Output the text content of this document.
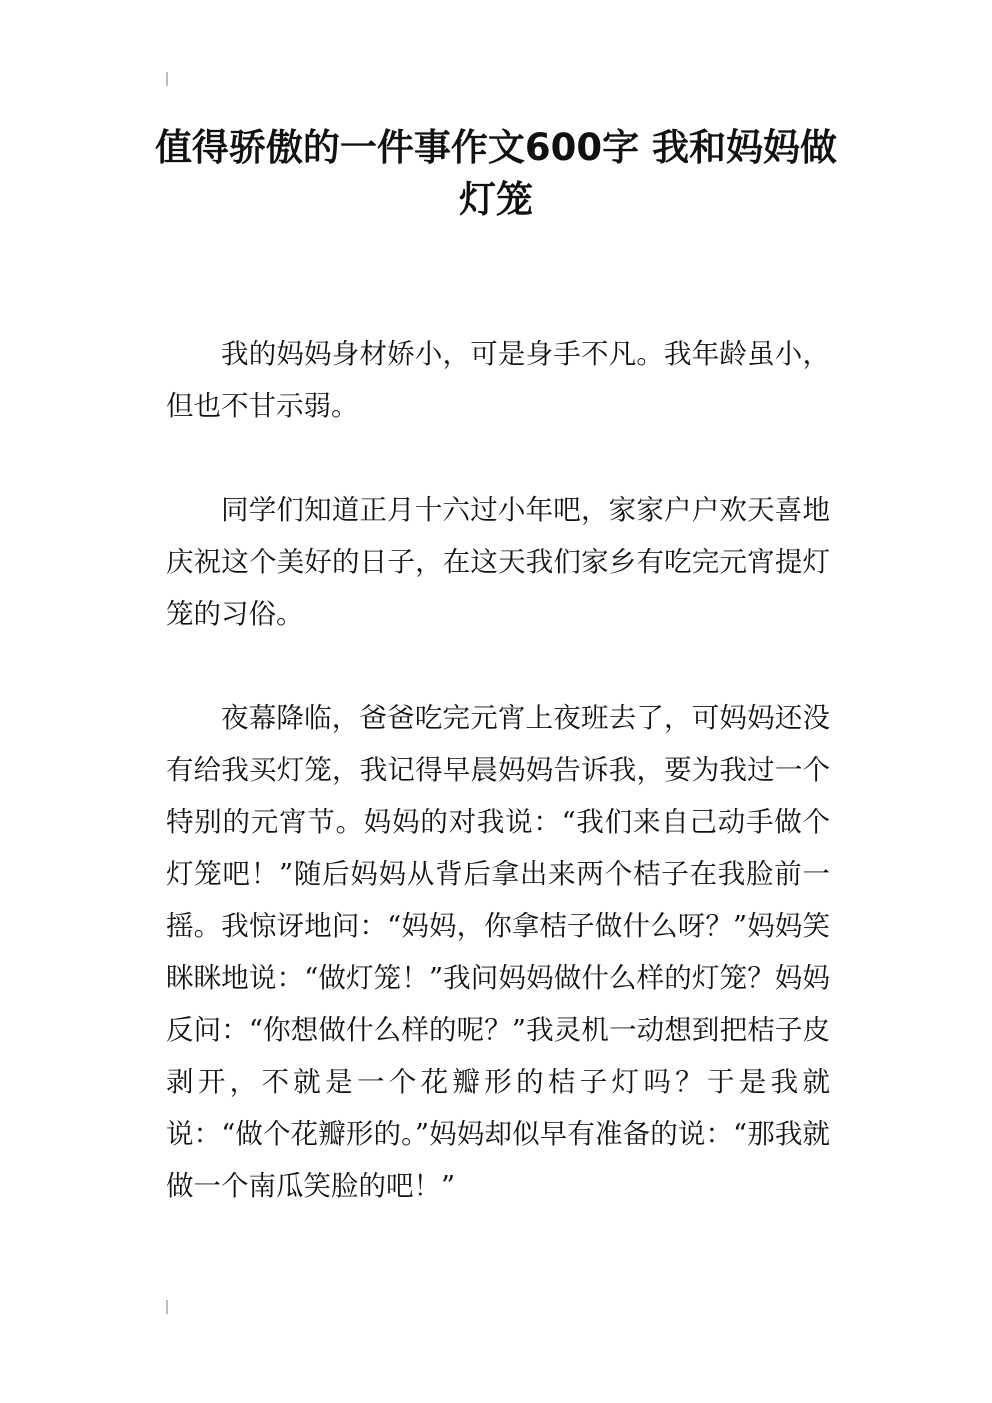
值得骄傲的一件事作文600字 我和妈妈做灯笼

我的妈妈身材娇小，可是身手不凡。我年龄虽小，但也不甘示弱。

同学们知道正月十六过小年吧，家家户户欢天喜地庆祝这个美好的日子，在这天我们家乡有吃完元宵提灯笼的习俗。

夜幕降临，爸爸吃完元宵上夜班去了，可妈妈还没有给我买灯笼，我记得早晨妈妈告诉我，要为我过一个特别的元宵节。妈妈的对我说：“我们来自己动手做个灯笼吧！”随后妈妈从背后拿出来两个桔子在我脸前一摇。我惊讶地问：“妈妈，你拿桔子做什么呀？”妈妈笑眯眯地说：“做灯笼！”我问妈妈做什么样的灯笼？妈妈反问：“你想做什么样的呢？”我灵机一动想到把桔子皮剥开，不就是一个花瓣形的桔子灯吗？于是我就说：“做个花瓣形的。”妈妈却似早有准备的说：“那我就做一个南瓜笑脸的吧！”
